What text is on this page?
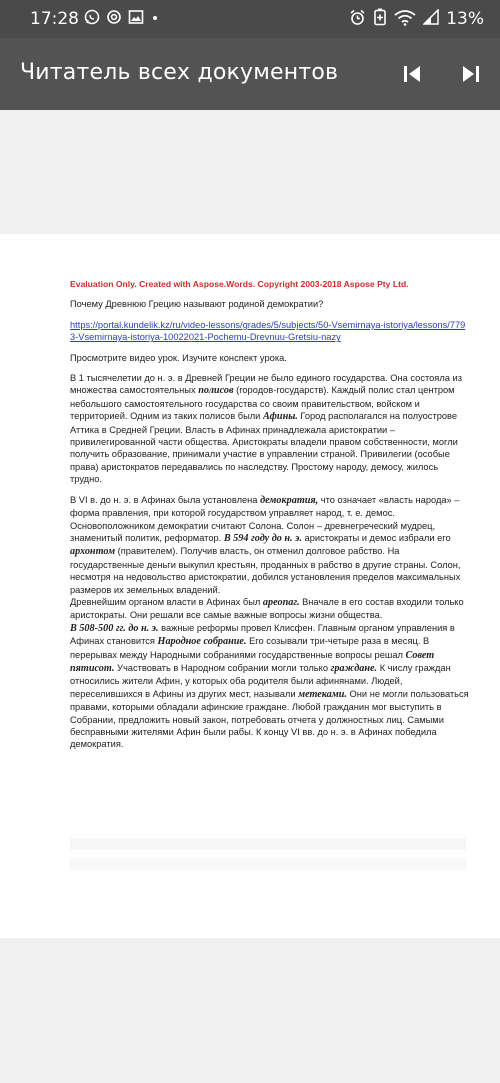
17:28	13%
Читатель всех документов

Evaluation Only. Created with Aspose.Words. Copyright 2003-2018 Aspose Pty Ltd.

Почему Древнюю Грецию называют родиной демократии?

https://portal.kundelik.kz/ru/video-lessons/grades/5/subjects/50-Vsemirnaya-istoriya/lessons/7793-Vsemirnaya-istoriya-10022021-Pochemu-Drevnuu-Gretsiu-nazy

Просмотрите видео урок. Изучите конспект урока.

В 1 тысячелетии до н. э. в Древней Греции не было единого государства. Она состояла из множества самостоятельных полисов (городов-государств). Каждый полис стал центром небольшого самостоятельного государства со своим правительством, войском и территорией. Одним из таких полисов были Афины. Город располагался на полуострове Аттика в Средней Греции. Власть в Афинах принадлежала аристократии – привилегированной части общества. Аристократы владели правом собственности, могли получить образование, принимали участие в управлении страной. Привилегии (особые права) аристократов передавались по наследству. Простому народу, демосу, жилось трудно.

В VI в. до н. э. в Афинах была установлена демократия, что означает «власть народа» – форма правления, при которой государством управляет народ, т. е. демос. Основоположником демократии считают Солона. Солон – древнегреческий мудрец, знаменитый политик, реформатор. В 594 году до н. э. аристократы и демос избрали его архонтом (правителем). Получив власть, он отменил долговое рабство. На государственные деньги выкупил крестьян, проданных в рабство в другие страны. Солон, несмотря на недовольство аристократии, добился установления пределов максимальных размеров их земельных владений.

Древнейшим органом власти в Афинах был ареопаг. Вначале в его состав входили только аристократы. Они решали все самые важные вопросы жизни общества.

В 508-500 гг. до н. э. важные реформы провел Клисфен. Главным органом управления в Афинах становится Народное собрание. Его созывали три-четыре раза в месяц. В перерывах между Народными собраниями государственные вопросы решал Совет пятисот. Участвовать в Народном собрании могли только граждане. К числу граждан относились жители Афин, у которых оба родителя были афинянами. Людей, переселившихся в Афины из других мест, называли метеками. Они не могли пользоваться правами, которыми обладали афинские граждане. Любой гражданин мог выступить в Собрании, предложить новый закон, потребовать отчета у должностных лиц. Самыми бесправными жителями Афин были рабы. К концу VI вв. до н. э. в Афинах победила демократия.
